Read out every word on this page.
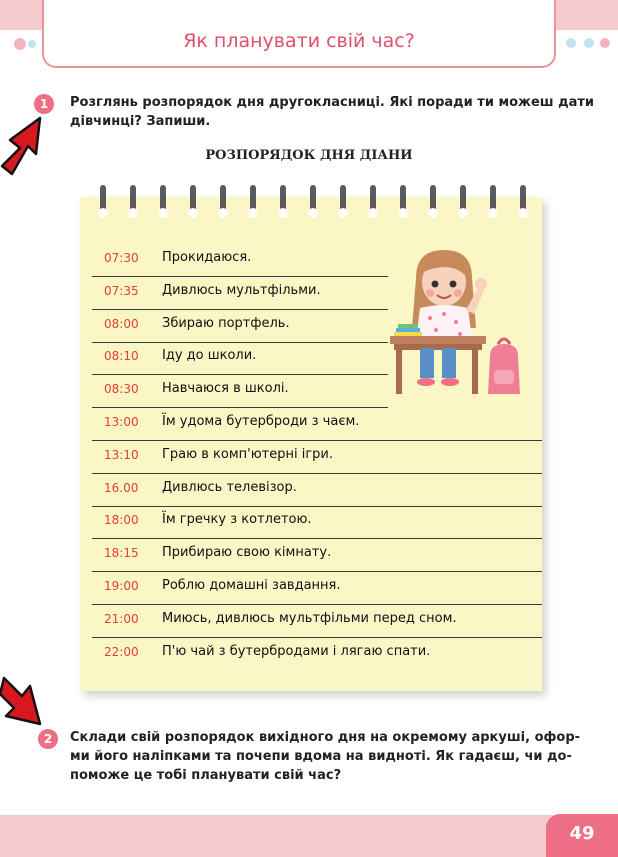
Як планувати свій час?
1	Розглянь розпорядок дня другокласниці. Які поради ти можеш дати
дівчинці? Запиши.
РОЗПОРЯДОК ДНЯ ДІАНИ
07:30 Прокидаюся.
07:35 Дивлюсь мультфільми.
08:00 Збираю портфель.
08:10 Іду до школи.
08:30 Навчаюся в школі.
13:00 Їм удома бутерброди з чаєм.
13:10 Граю в комп'ютерні ігри.
16.00 Дивлюсь телевізор.
18:00 Їм гречку з котлетою.
18:15 Прибираю свою кімнату.
19:00 Роблю домашні завдання.
21:00 Миюсь, дивлюсь мультфільми перед сном.
22:00 П'ю чай з бутербродами і лягаю спати.
2	Склади свій розпорядок вихідного дня на окремому аркуші, офор-
ми його наліпками та почепи вдома на видноті. Як гадаєш, чи до-
поможе це тобі планувати свій час?
49
